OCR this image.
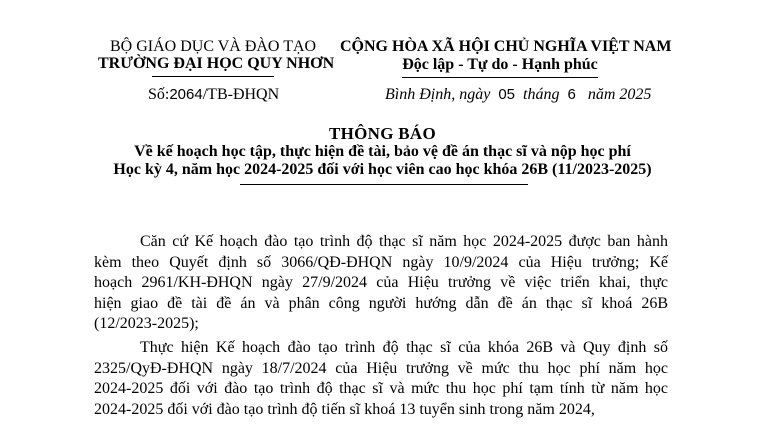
BỘ GIÁO DỤC VÀ ĐÀO TẠO
TRƯỜNG ĐẠI HỌC QUY NHƠN
Số:2064/TB-ĐHQN
CỘNG HÒA XÃ HỘI CHỦ NGHĨA VIỆT NAM
Độc lập - Tự do - Hạnh phúc
Bình Định, ngày 05 tháng 6 năm 2025
THÔNG BÁO
Về kế hoạch học tập, thực hiện đề tài, bảo vệ đề án thạc sĩ và nộp học phí
Học kỳ 4, năm học 2024-2025 đối với học viên cao học khóa 26B (11/2023-2025)
Căn cứ Kế hoạch đào tạo trình độ thạc sĩ năm học 2024-2025 được ban hành
kèm theo Quyết định số 3066/QĐ-ĐHQN ngày 10/9/2024 của Hiệu trưởng; Kế
hoạch 2961/KH-ĐHQN ngày 27/9/2024 của Hiệu trưởng về việc triển khai, thực
hiện giao đề tài đề án và phân công người hướng dẫn đề án thạc sĩ khoá 26B
(12/2023-2025);
Thực hiện Kế hoạch đào tạo trình độ thạc sĩ của khóa 26B và Quy định số
2325/QyĐ-ĐHQN ngày 18/7/2024 của Hiệu trưởng về mức thu học phí năm học
2024-2025 đối với đào tạo trình độ thạc sĩ và mức thu học phí tạm tính từ năm học
2024-2025 đối với đào tạo trình độ tiến sĩ khoá 13 tuyển sinh trong năm 2024,
